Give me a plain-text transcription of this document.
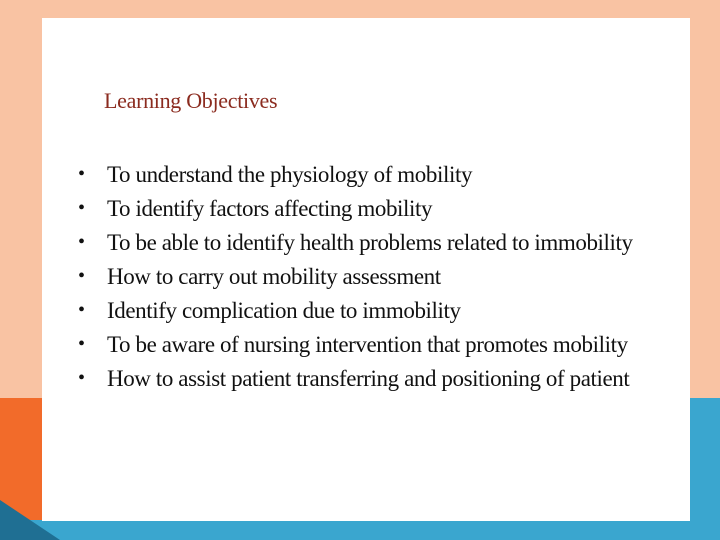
Learning Objectives
• To understand the physiology of mobility
• To identify factors affecting mobility
• To be able to identify health problems related to immobility
• How to carry out mobility assessment
• Identify complication due to immobility
• To be aware of nursing intervention that promotes mobility
• How to assist patient transferring and positioning of patient
